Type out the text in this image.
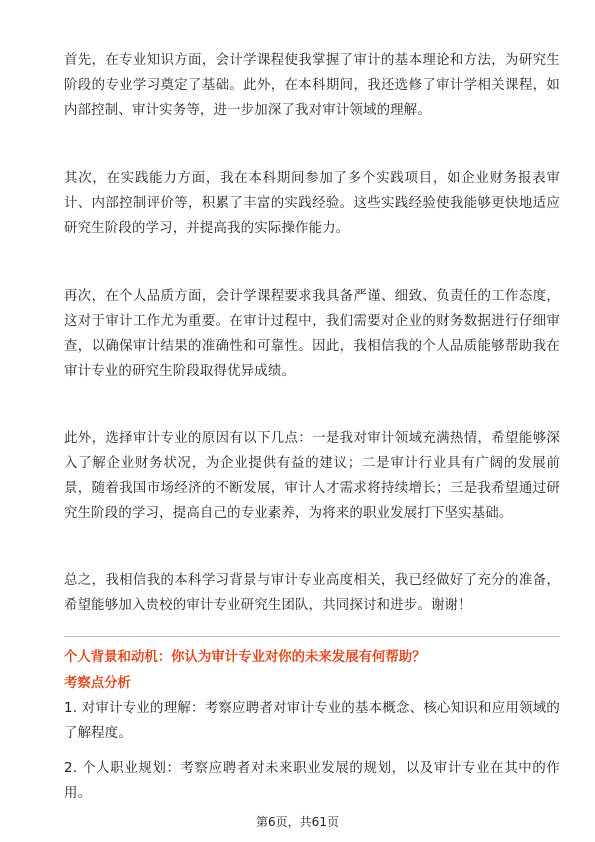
首先，在专业知识方面，会计学课程使我掌握了审计的基本理论和方法，为研究生阶段的专业学习奠定了基础。此外，在本科期间，我还选修了审计学相关课程，如内部控制、审计实务等，进一步加深了我对审计领域的理解。

其次，在实践能力方面，我在本科期间参加了多个实践项目，如企业财务报表审计、内部控制评价等，积累了丰富的实践经验。这些实践经验使我能够更快地适应研究生阶段的学习，并提高我的实际操作能力。

再次，在个人品质方面，会计学课程要求我具备严谨、细致、负责任的工作态度，这对于审计工作尤为重要。在审计过程中，我们需要对企业的财务数据进行仔细审查，以确保审计结果的准确性和可靠性。因此，我相信我的个人品质能够帮助我在审计专业的研究生阶段取得优异成绩。

此外，选择审计专业的原因有以下几点：一是我对审计领域充满热情，希望能够深入了解企业财务状况，为企业提供有益的建议；二是审计行业具有广阔的发展前景，随着我国市场经济的不断发展，审计人才需求将持续增长；三是我希望通过研究生阶段的学习，提高自己的专业素养，为将来的职业发展打下坚实基础。

总之，我相信我的本科学习背景与审计专业高度相关，我已经做好了充分的准备，希望能够加入贵校的审计专业研究生团队，共同探讨和进步。谢谢！

个人背景和动机：你认为审计专业对你的未来发展有何帮助？

考察点分析

1. 对审计专业的理解：考察应聘者对审计专业的基本概念、核心知识和应用领域的了解程度。

2. 个人职业规划：考察应聘者对未来职业发展的规划，以及审计专业在其中的作用。

第6页，共61页
